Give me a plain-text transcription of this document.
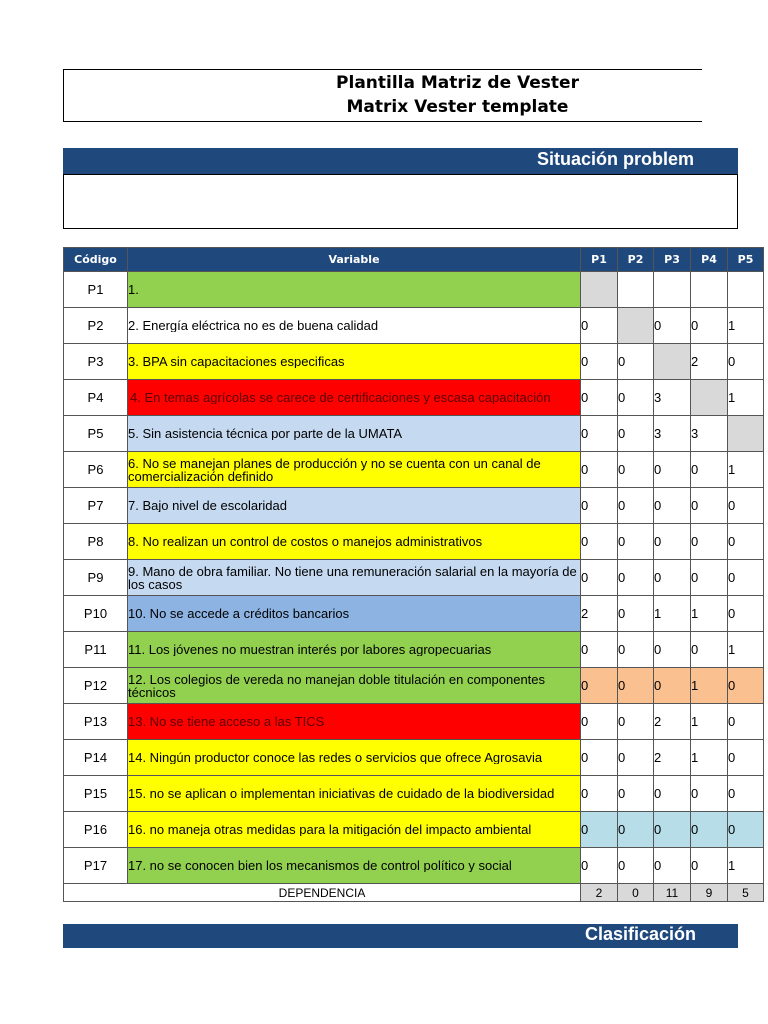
Plantilla Matriz de Vester
Matrix Vester template
Situación problem
Código	Variable	P1	P2	P3	P4	P5
P1	1.					

P2	2. Energía eléctrica no es de buena calidad	0		0	0	1
P3	3. BPA sin capacitaciones especificas	0	0		2	0
P4	4. En temas agrícolas se carece de certificaciones y escasa capacitación	0	0	3		1
P5	5. Sin asistencia técnica por parte de la UMATA	0	0	3	3	
P6	6. No se manejan planes de producción y no se cuenta con un canal de comercialización definido	0	0	0	0	1
P7	7. Bajo nivel de escolaridad	0	0	0	0	0
P8	8. No realizan un control de costos o manejos administrativos	0	0	0	0	0
P9	9. Mano de obra familiar. No tiene una remuneración salarial en la mayoría de los casos	0	0	0	0	0
P10	10. No se accede a créditos bancarios	2	0	1	1	0
P11	11. Los jóvenes no muestran interés por labores agropecuarias	0	0	0	0	1
P12	12. Los colegios de vereda no manejan doble titulación en componentes técnicos	0	0	0	1	0
P13	13. No se tiene acceso a las TICS	0	0	2	1	0
P14	14. Ningún productor conoce las redes o servicios que ofrece Agrosavia	0	0	2	1	0
P15	15. no se aplican o implementan iniciativas de cuidado de la biodiversidad	0	0	0	0	0
P16	16. no maneja otras medidas para la mitigación del impacto ambiental	0	0	0	0	0
P17	17. no se conocen bien los mecanismos de control político y social	0	0	0	0	1
DEPENDENCIA		2	0	11	9	5
Clasificación
